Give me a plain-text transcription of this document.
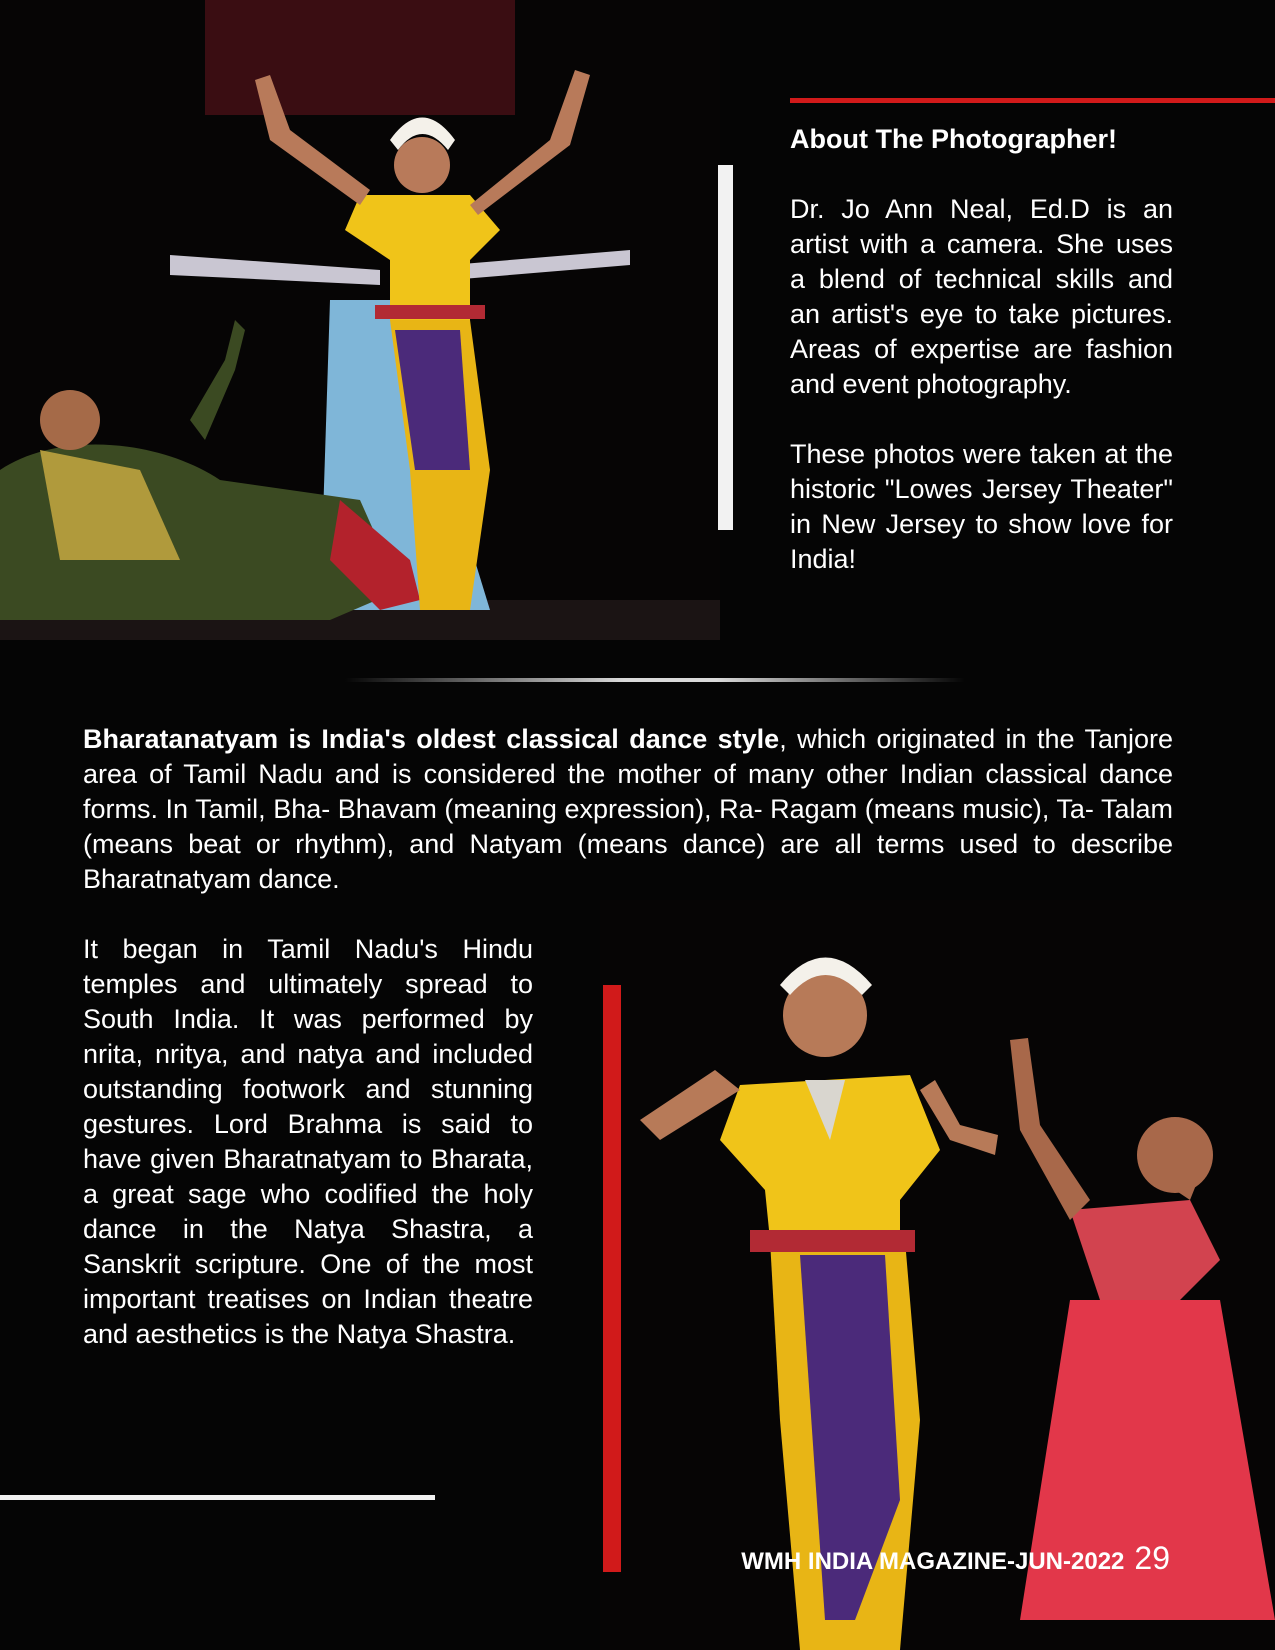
About The Photographer!

Dr. Jo Ann Neal, Ed.D is an artist with a camera. She uses a blend of technical skills and an artist's eye to take pictures. Areas of expertise are fashion and event photography.

These photos were taken at the historic "Lowes Jersey Theater" in New Jersey to show love for India!

Bharatanatyam is India's oldest classical dance style, which originated in the Tanjore area of Tamil Nadu and is considered the mother of many other Indian classical dance forms. In Tamil, Bha- Bhavam (meaning expression), Ra- Ragam (means music), Ta- Talam (means beat or rhythm), and Natyam (means dance) are all terms used to describe Bharatnatyam dance.

It began in Tamil Nadu's Hindu temples and ultimately spread to South India. It was performed by nrita, nritya, and natya and included outstanding footwork and stunning gestures. Lord Brahma is said to have given Bharatnatyam to Bharata, a great sage who codified the holy dance in the Natya Shastra, a Sanskrit scripture. One of the most important treatises on Indian theatre and aesthetics is the Natya Shastra.

WMH INDIA MAGAZINE-JUN-2022 29
